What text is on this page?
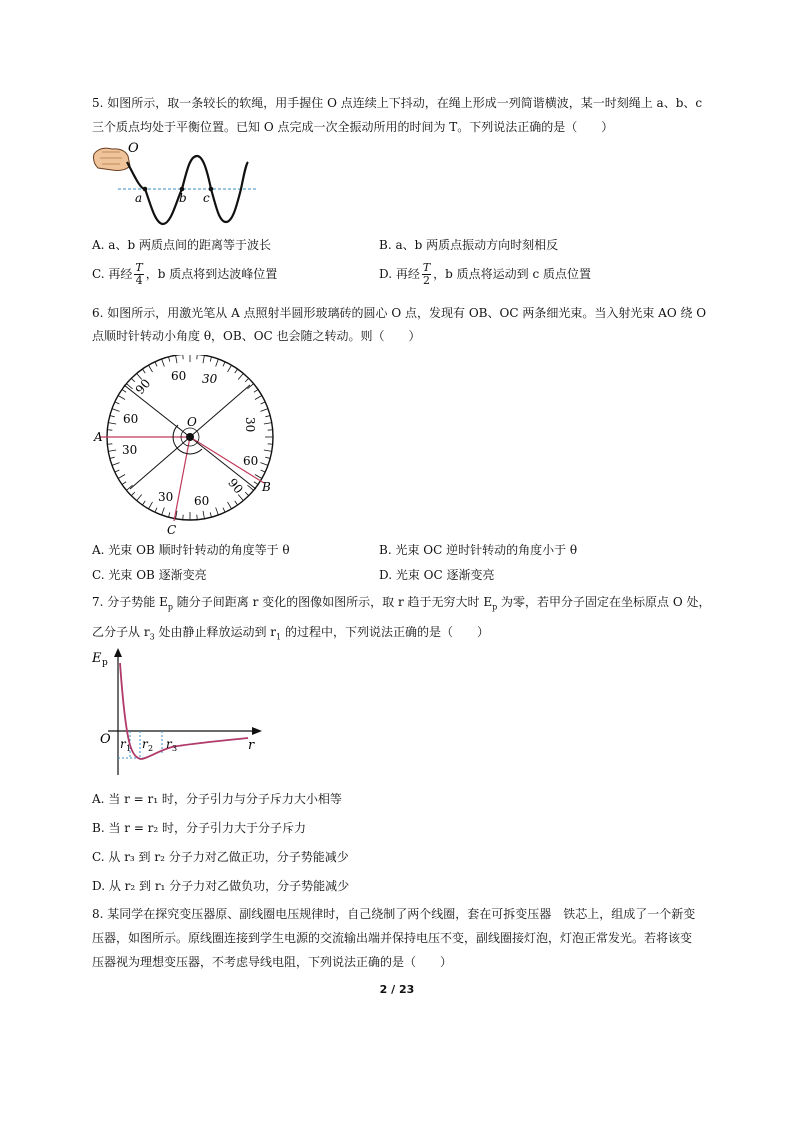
5. 如图所示，取一条较长的软绳，用手握住 O 点连续上下抖动，在绳上形成一列简谐横波，某一时刻绳上 a、b、c
三个质点均处于平衡位置。已知 O 点完成一次全振动所用的时间为 T。下列说法正确的是（　　）
O
a	b c
A. a、b 两质点间的距离等于波长	B. a、b 两质点振动方向时刻相反
C. 再经 $\frac{T}{4}$ ，b 质点将到达波峰位置	D. 再经 $\frac{T}{2}$ ，b 质点将运动到 c 质点位置
6. 如图所示，用激光笔从 A 点照射半圆形玻璃砖的圆心 O 点，发现有 OB、OC 两条细光束。当入射光束 AO 绕 O
点顺时针转动小角度 θ，OB、OC 也会随之转动。则（　　）
O
A
B
C
60 30
90
60
30
30
60
90
30 60
A. 光束 OB 顺时针转动的角度等于 θ	B. 光束 OC 逆时针转动的角度小于 θ
C. 光束 OB 逐渐变亮	D. 光束 OC 逐渐变亮
7. 分子势能 $E_p$ 随分子间距离 r 变化的图像如图所示，取 r 趋于无穷大时 $E_p$ 为零，若甲分子固定在坐标原点 O 处，
乙分子从 $r_3$ 处由静止释放运动到 $r_1$ 的过程中，下列说法正确的是（　　）
E p
O	r
r 1 r 2 r 3
A. 当 r = r₁ 时，分子引力与分子斥力大小相等
B. 当 r = r₂ 时，分子引力大于分子斥力
C. 从 r₃ 到 r₂ 分子力对乙做正功，分子势能减少
D. 从 r₂ 到 r₁ 分子力对乙做负功，分子势能减少
8. 某同学在探究变压器原、副线圈电压规律时，自己绕制了两个线圈，套在可拆变压器　铁芯上，组成了一个新变
压器，如图所示。原线圈连接到学生电源的交流输出端并保持电压不变，副线圈接灯泡，灯泡正常发光。若将该变
压器视为理想变压器，不考虑导线电阻，下列说法正确的是（　　）
2 / 23
